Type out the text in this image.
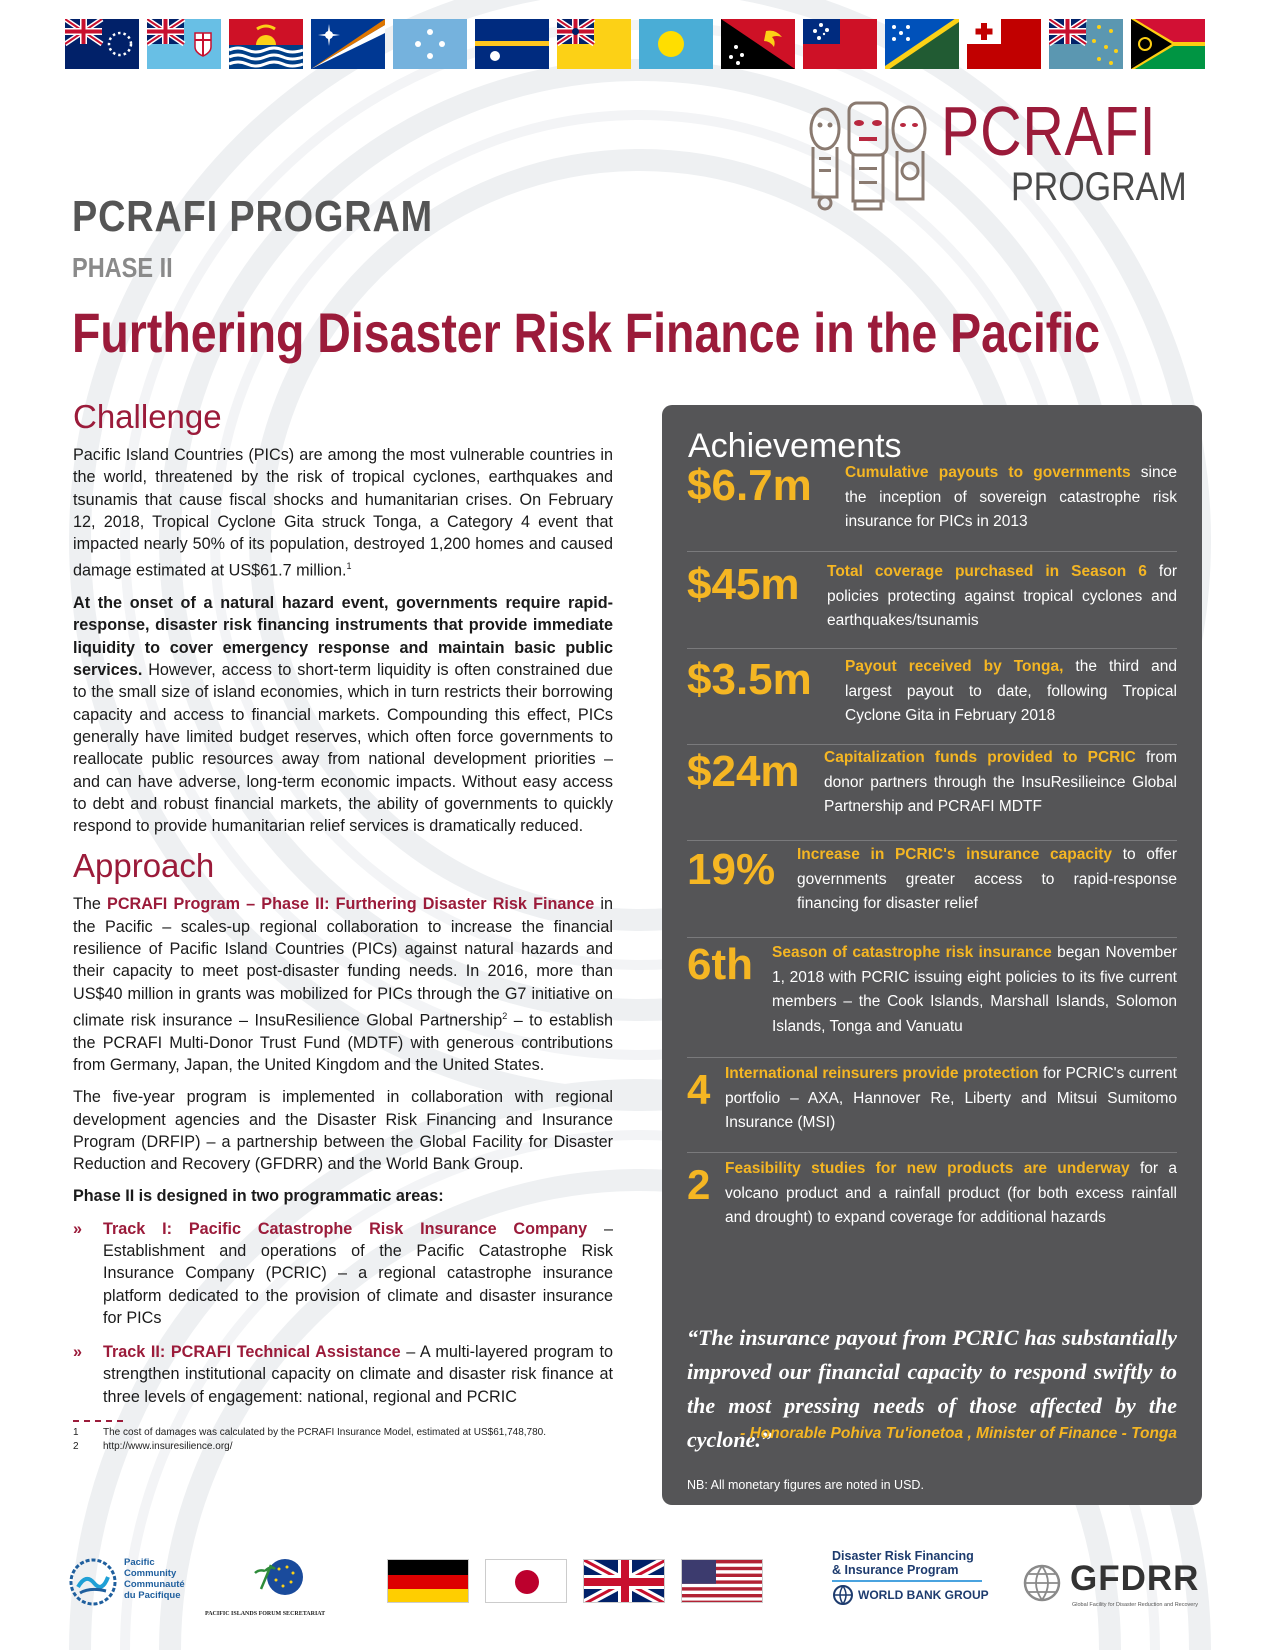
PCRAFI
PROGRAM
PCRAFI PROGRAM
PHASE II
Furthering Disaster Risk Finance in the Pacific
Challenge

Pacific Island Countries (PICs) are among the most vulnerable countries in the world, threatened by the risk of tropical cyclones, earthquakes and tsunamis that cause fiscal shocks and humanitarian crises. On February 12, 2018, Tropical Cyclone Gita struck Tonga, a Category 4 event that impacted nearly 50% of its population, destroyed 1,200 homes and caused damage estimated at US$61.7 million.$^1$

At the onset of a natural hazard event, governments require rapid-response, disaster risk financing instruments that provide immediate liquidity to cover emergency response and maintain basic public services. However, access to short-term liquidity is often constrained due to the small size of island economies, which in turn restricts their borrowing capacity and access to financial markets. Compounding this effect, PICs generally have limited budget reserves, which often force governments to reallocate public resources away from national development priorities – and can have adverse, long-term economic impacts. Without easy access to debt and robust financial markets, the ability of governments to quickly respond to provide humanitarian relief services is dramatically reduced.

Approach

The PCRAFI Program – Phase II: Furthering Disaster Risk Finance in the Pacific – scales-up regional collaboration to increase the financial resilience of Pacific Island Countries (PICs) against natural hazards and their capacity to meet post-disaster funding needs. In 2016, more than US$40 million in grants was mobilized for PICs through the G7 initiative on climate risk insurance – InsuResilience Global Partnership$^2$ – to establish the PCRAFI Multi-Donor Trust Fund (MDTF) with generous contributions from Germany, Japan, the United Kingdom and the United States.

The five-year program is implemented in collaboration with regional development agencies and the Disaster Risk Financing and Insurance Program (DRFIP) – a partnership between the Global Facility for Disaster Reduction and Recovery (GFDRR) and the World Bank Group.

Phase II is designed in two programmatic areas:

» Track I: Pacific Catastrophe Risk Insurance Company – Establishment and operations of the Pacific Catastrophe Risk Insurance Company (PCRIC) – a regional catastrophe insurance platform dedicated to the provision of climate and disaster insurance for PICs
» Track II: PCRAFI Technical Assistance – A multi-layered program to strengthen institutional capacity on climate and disaster risk finance at three levels of engagement: national, regional and PCRIC
1	The cost of damages was calculated by the PCRAFI Insurance Model, estimated at US$61,748,780.
2	http://www.insuresilience.org/
Achievements
$6.7m Cumulative payouts to governments since the inception of sovereign catastrophe risk insurance for PICs in 2013
$45m Total coverage purchased in Season 6 for policies protecting against tropical cyclones and earthquakes/tsunamis
$3.5m Payout received by Tonga, the third and largest payout to date, following Tropical Cyclone Gita in February 2018
$24m Capitalization funds provided to PCRIC from donor partners through the InsuResilieince Global Partnership and PCRAFI MDTF
19% Increase in PCRIC's insurance capacity to offer governments greater access to rapid-response financing for disaster relief
6th Season of catastrophe risk insurance began November 1, 2018 with PCRIC issuing eight policies to its five current members – the Cook Islands, Marshall Islands, Solomon Islands, Tonga and Vanuatu
4 International reinsurers provide protection for PCRIC's current portfolio – AXA, Hannover Re, Liberty and Mitsui Sumitomo Insurance (MSI)
2 Feasibility studies for new products are underway for a volcano product and a rainfall product (for both excess rainfall and drought) to expand coverage for additional hazards
“The insurance payout from PCRIC has substantially improved our financial capacity to respond swiftly to the most pressing needs of those affected by the cyclone.”
- Honorable Pohiva Tu'ionetoa , Minister of Finance - Tonga
NB: All monetary figures are noted in USD.
Pacific
Community
Communauté
du Pacifique
PACIFIC ISLANDS FORUM SECRETARIAT
Disaster Risk Financing
& Insurance Program
WORLD BANK GROUP GFDRR
Global Facility for Disaster Reduction and Recovery
